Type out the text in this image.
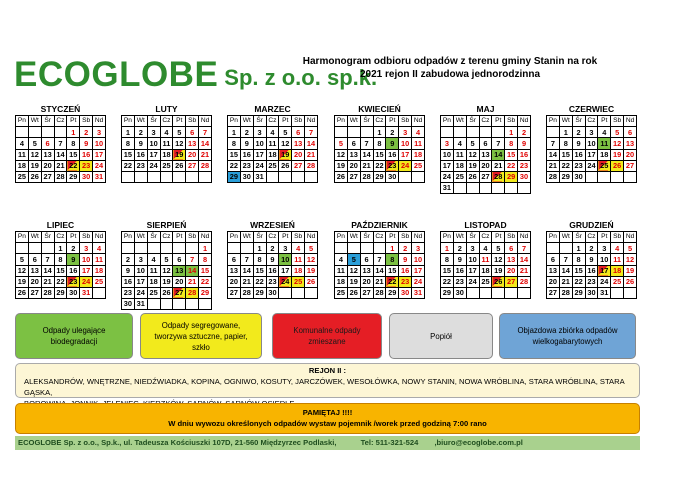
ECOGLOBE Sp. z o.o. sp.k.
Harmonogram odbioru odpadów z terenu gminy Stanin na rok
2021 rejon II zabudowa jednorodzinna
STYCZEŃ
Pn	Wt	Śr	Cz	Pt	Sb	Nd
				1	2	3
4	5	6	7	8	9	10
11	12	13	14	15	16	17
18	19	20	21	22	23	24
25	26	27	28	29	30	31
LUTY
Pn	Wt	Śr	Cz	Pt	Sb	Nd
1	2	3	4	5	6	7
8	9	10	11	12	13	14
15	16	17	18	19	20	21
22	23	24	25	26	27	28

MARZEC
Pn	Wt	Śr	Cz	Pt	Sb	Nd
1	2	3	4	5	6	7
8	9	10	11	12	13	14
15	16	17	18	19	20	21
22	23	24	25	26	27	28
29	30	31				
KWIECIEŃ
Pn	Wt	Śr	Cz	Pt	Sb	Nd
			1	2	3	4
5	6	7	8	9	10	11
12	13	14	15	16	17	18
19	20	21	22	23	24	25
26	27	28	29	30		
MAJ
Pn	Wt	Śr	Cz	Pt	Sb	Nd
					1	2
3	4	5	6	7	8	9
10	11	12	13	14	15	16
17	18	19	20	21	22	23
24	25	26	27	28	29	30
31						
CZERWIEC
Pn	Wt	Śr	Cz	Pt	Sb	Nd
	1	2	3	4	5	6
7	8	9	10	11	12	13
14	15	16	17	18	19	20
21	22	23	24	25	26	27
28	29	30				
LIPIEC
Pn	Wt	Śr	Cz	Pt	Sb	Nd
			1	2	3	4
5	6	7	8	9	10	11
12	13	14	15	16	17	18
19	20	21	22	23	24	25
26	27	28	29	30	31	
SIERPIEŃ
Pn	Wt	Śr	Cz	Pt	Sb	Nd
						1
2	3	4	5	6	7	8
9	10	11	12	13	14	15
16	17	18	19	20	21	22
23	24	25	26	27	28	29
30	31					
WRZESIEŃ
Pn	Wt	Śr	Cz	Pt	Sb	Nd
		1	2	3	4	5
6	7	8	9	10	11	12
13	14	15	16	17	18	19
20	21	22	23	24	25	26
27	28	29	30			
PAŹDZIERNIK
Pn	Wt	Śr	Cz	Pt	Sb	Nd
				1	2	3
4	5	6	7	8	9	10
11	12	13	14	15	16	17
18	19	20	21	22	23	24
25	26	27	28	29	30	31
LISTOPAD
Pn	Wt	Śr	Cz	Pt	Sb	Nd
1	2	3	4	5	6	7
8	9	10	11	12	13	14
15	16	17	18	19	20	21
22	23	24	25	26	27	28
29	30					
GRUDZIEŃ
Pn	Wt	Śr	Cz	Pt	Sb	Nd
		1	2	3	4	5
6	7	8	9	10	11	12
13	14	15	16	17	18	19
20	21	22	23	24	25	26
27	28	29	30	31		
Odpady ulegające biodegradacji
Odpady segregowane, tworzywa sztuczne, papier, szkło
Komunalne odpady zmieszane
Popiół
Objazdowa zbiórka odpadów wielkogabarytowych
REJON II :
ALEKSANDRÓW, WNĘTRZNE, NIEDŹWIADKA, KOPINA, OGNIWO, KOSUTY, JARCZÓWEK, WESOŁÓWKA, NOWY STANIN, NOWA WRÓBLINA, STARA WRÓBLINA, STARA GĄSKA,
PAMIĘTAJ !!!!
W dniu wywozu określonych odpadów wystaw pojemnik /worek przed godziną 7:00 rano
ECOGLOBE Sp. z o.o., Sp.k., ul. Tadeusza Kościuszki 107D, 21-560 Międzyrzec Podlaski,	Tel: 511-321-524 ,biuro@ecoglobe.com.pl
